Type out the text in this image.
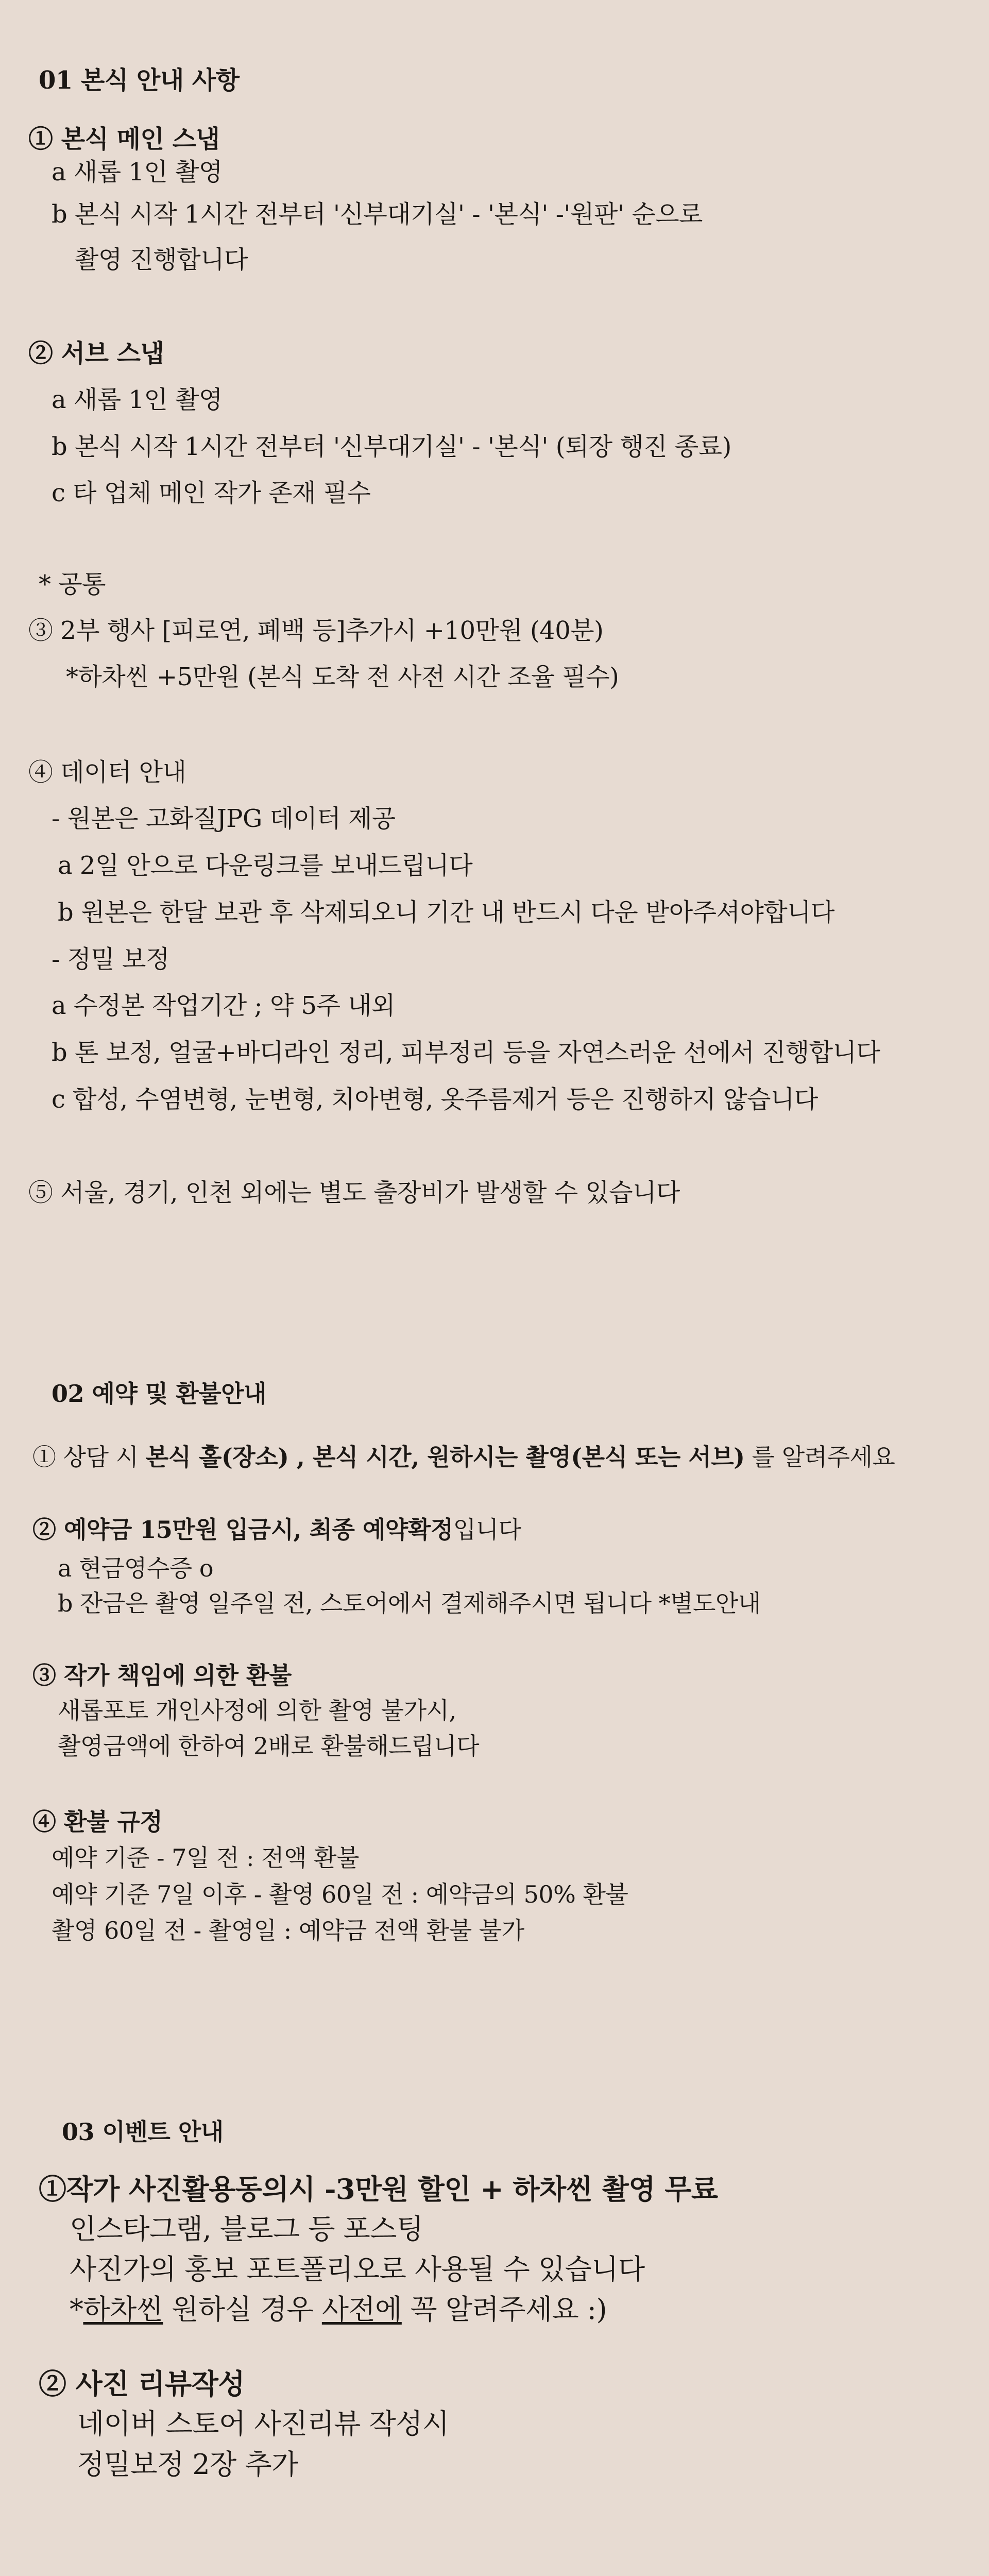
01 본식 안내 사항
① 본식 메인 스냅
a 새롭 1인 촬영
b 본식 시작 1시간 전부터 '신부대기실' - '본식' -'원판' 순으로
촬영 진행합니다
② 서브 스냅
a 새롭 1인 촬영
b 본식 시작 1시간 전부터 '신부대기실' - '본식' (퇴장 행진 종료)
c 타 업체 메인 작가 존재 필수
* 공통
③ 2부 행사 [피로연, 폐백 등]추가시 +10만원 (40분)
*하차씬 +5만원 (본식 도착 전 사전 시간 조율 필수)
④ 데이터 안내
- 원본은 고화질JPG 데이터 제공
a 2일 안으로 다운링크를 보내드립니다
b 원본은 한달 보관 후 삭제되오니 기간 내 반드시 다운 받아주셔야합니다
- 정밀 보정
a 수정본 작업기간 ; 약 5주 내외
b 톤 보정, 얼굴+바디라인 정리, 피부정리 등을 자연스러운 선에서 진행합니다
c 합성, 수염변형, 눈변형, 치아변형, 옷주름제거 등은 진행하지 않습니다
⑤ 서울, 경기, 인천 외에는 별도 출장비가 발생할 수 있습니다
02 예약 및 환불안내
① 상담 시 본식 홀(장소) , 본식 시간, 원하시는 촬영(본식 또는 서브) 를 알려주세요
② 예약금 15만원 입금시, 최종 예약확정입니다
a 현금영수증 o
b 잔금은 촬영 일주일 전, 스토어에서 결제해주시면 됩니다 *별도안내
③ 작가 책임에 의한 환불
새롭포토 개인사정에 의한 촬영 불가시,
촬영금액에 한하여 2배로 환불해드립니다
④ 환불 규정
예약 기준 - 7일 전 : 전액 환불
예약 기준 7일 이후 - 촬영 60일 전 : 예약금의 50% 환불
촬영 60일 전 - 촬영일 : 예약금 전액 환불 불가
03 이벤트 안내
①작가 사진활용동의시 -3만원 할인 + 하차씬 촬영 무료
인스타그램, 블로그 등 포스팅
사진가의 홍보 포트폴리오로 사용될 수 있습니다
*하차씬 원하실 경우 사전에 꼭 알려주세요 :)
② 사진 리뷰작성
네이버 스토어 사진리뷰 작성시
정밀보정 2장 추가
